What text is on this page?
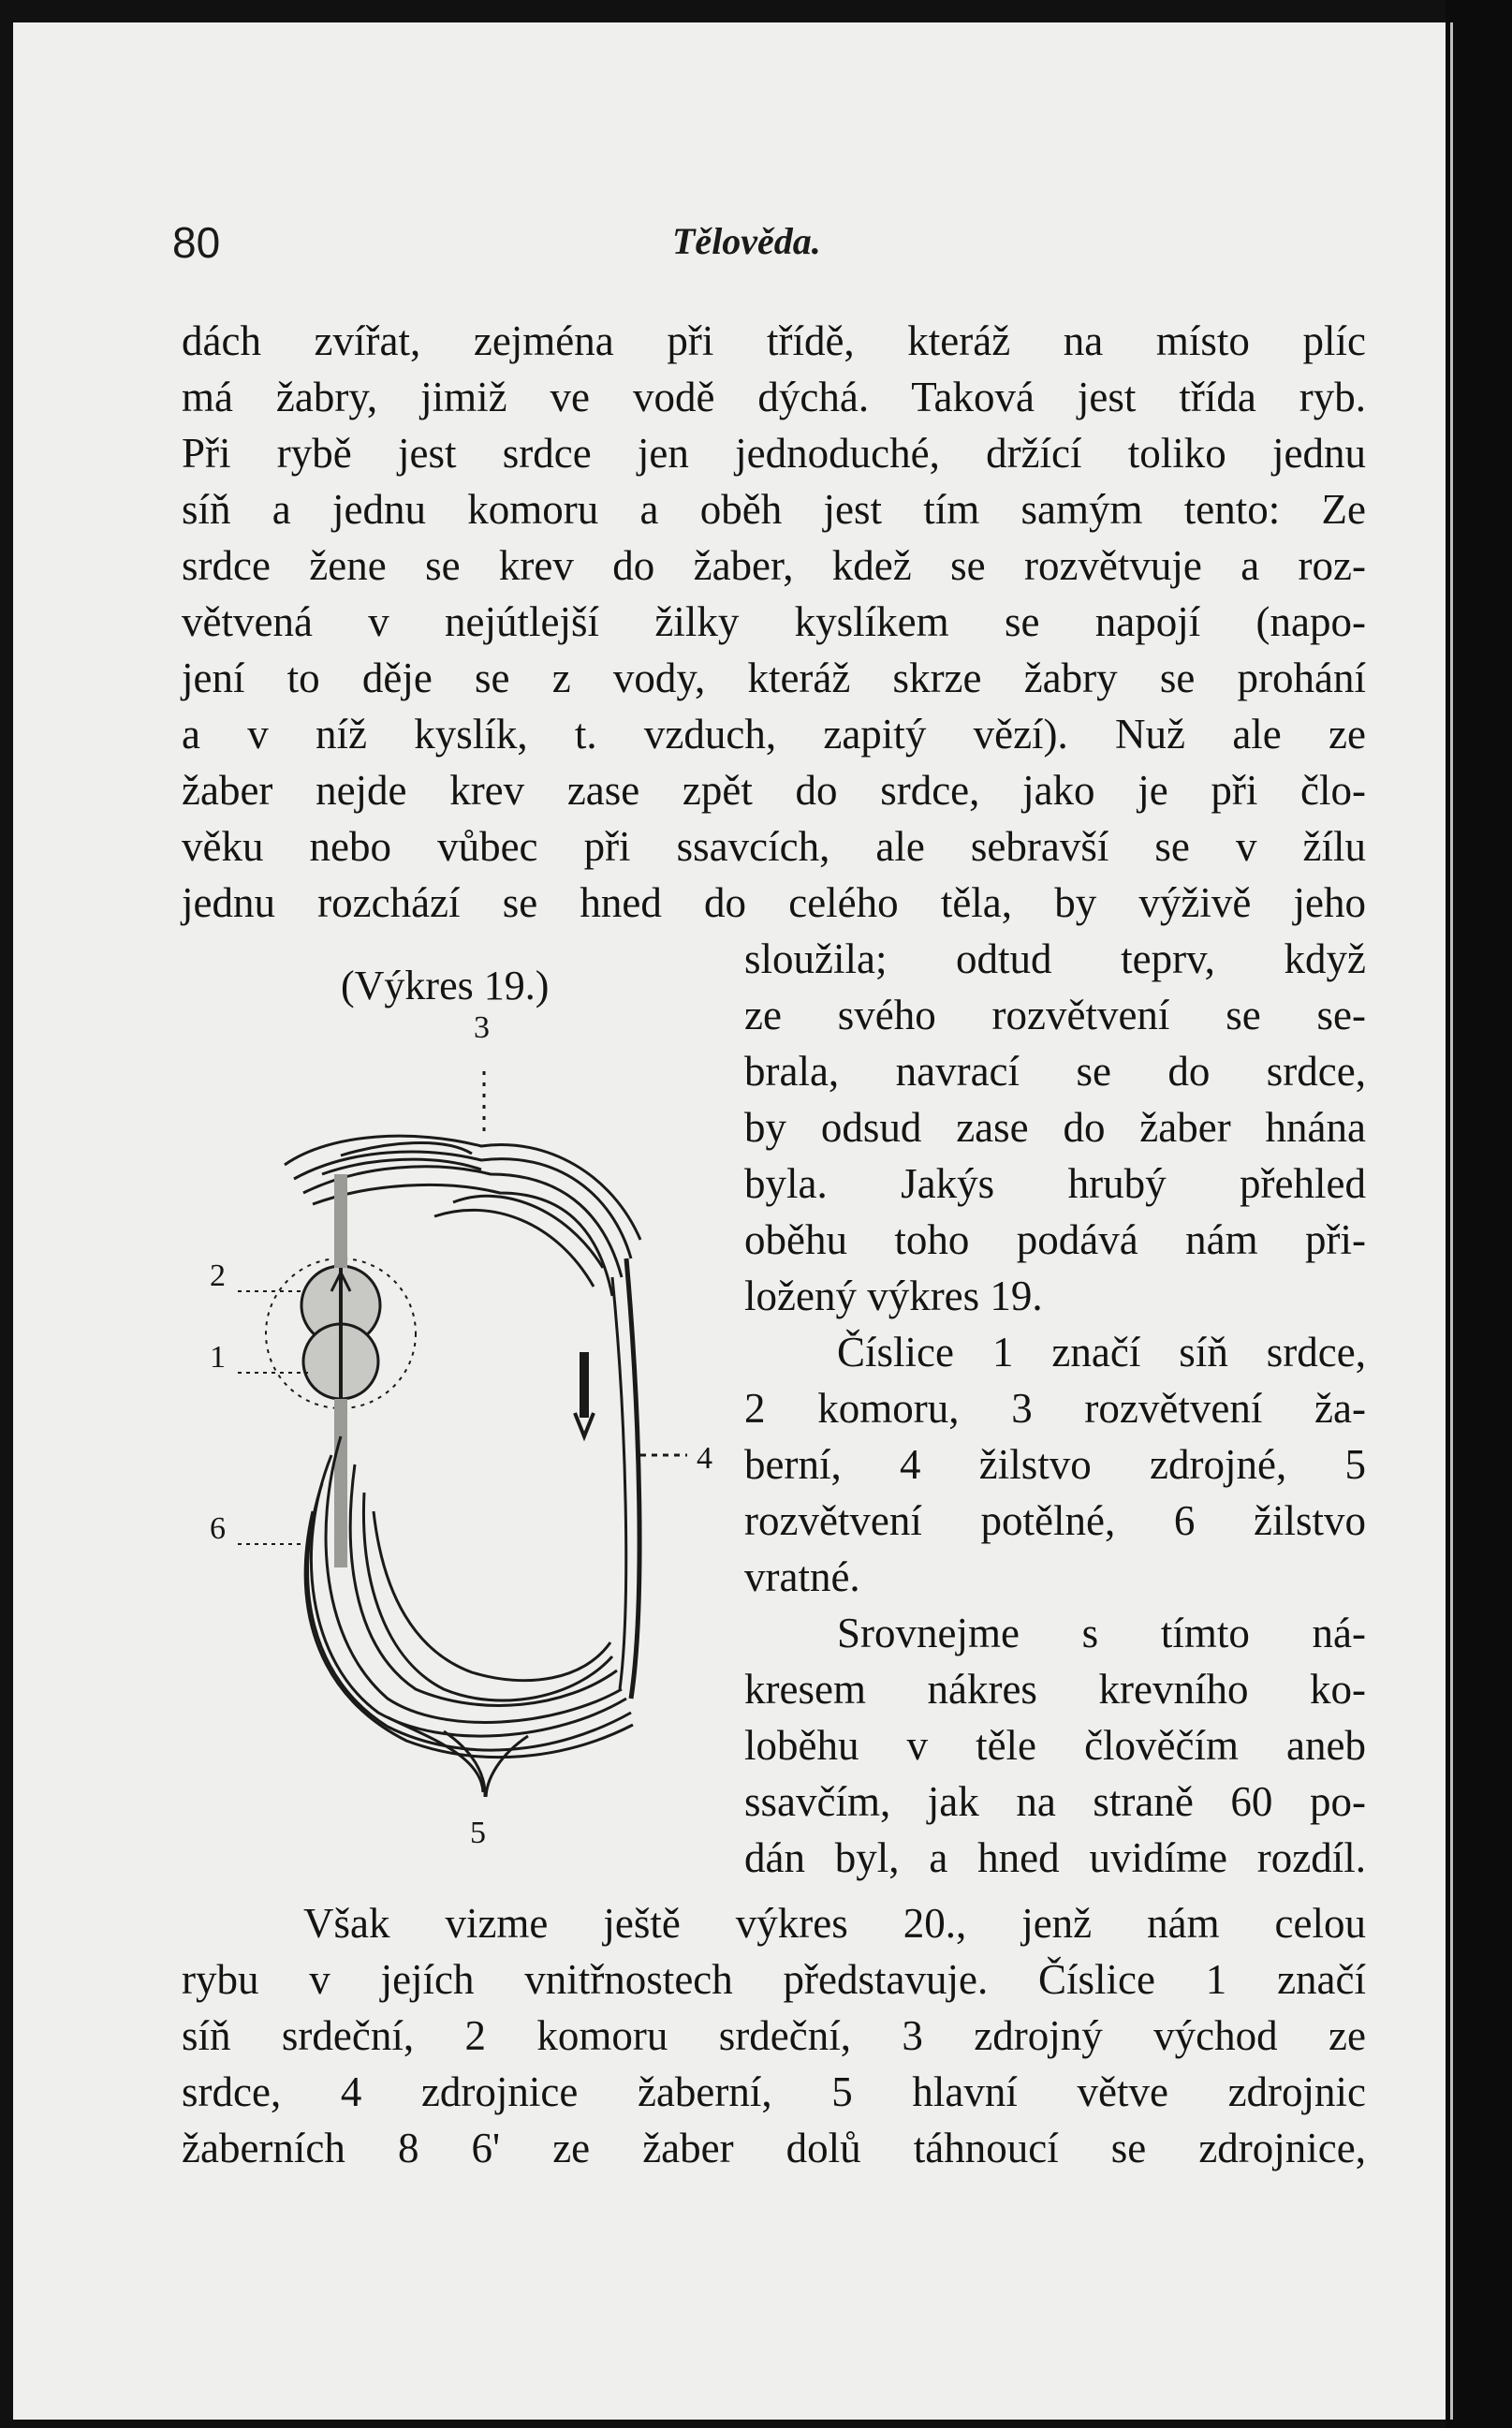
80	Tělověda.
dách zvířat, zejména při třídě, kteráž na místo plíc
má žabry, jimiž ve vodě dýchá. Taková jest třída ryb.
Při rybě jest srdce jen jednoduché, držící toliko jednu
síň a jednu komoru a oběh jest tím samým tento: Ze
srdce žene se krev do žaber, kdež se rozvětvuje a roz-
větvená v nejútlejší žilky kyslíkem se napojí (napo-
jení to děje se z vody, kteráž skrze žabry se prohání
a v níž kyslík, t. vzduch, zapitý vězí). Nuž ale ze
žaber nejde krev zase zpět do srdce, jako je při člo-
věku nebo vůbec při ssavcích, ale sebravší se v žílu
jednu rozchází se hned do celého těla, by výživě jeho
(Výkres 19.)
3
2
1
4
6
5
sloužila; odtud teprv, když
ze svého rozvětvení se se-
brala, navrací se do srdce,
by odsud zase do žaber hnána
byla. Jakýs hrubý přehled
oběhu toho podává nám při-
ložený výkres 19.
Číslice 1 značí síň srdce,
2 komoru, 3 rozvětvení ža-
berní, 4 žilstvo zdrojné, 5
rozvětvení potělné, 6 žilstvo
vratné.
Srovnejme s tímto ná-
kresem nákres krevního ko-
loběhu v těle člověčím aneb
ssavčím, jak na straně 60 po-
dán byl, a hned uvidíme rozdíl.
Však vizme ještě výkres 20., jenž nám celou
rybu v jejích vnitřnostech představuje. Číslice 1 značí
síň srdeční, 2 komoru srdeční, 3 zdrojný východ ze
srdce, 4 zdrojnice žaberní, 5 hlavní větve zdrojnic
žaberních 8 6' ze žaber dolů táhnoucí se zdrojnice,
